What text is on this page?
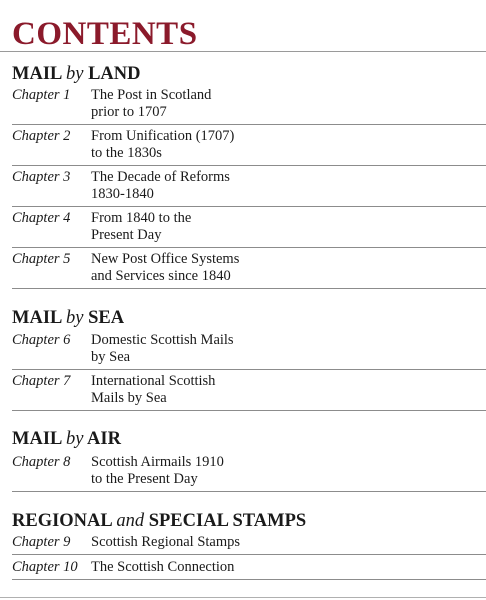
CONTENTS
MAIL by LAND
Chapter 1 The Post in Scotland
prior to 1707
Chapter 2 From Unification (1707)
to the 1830s
Chapter 3 The Decade of Reforms
1830-1840
Chapter 4 From 1840 to the
Present Day
Chapter 5 New Post Office Systems
and Services since 1840
MAIL by SEA
Chapter 6 Domestic Scottish Mails
by Sea
Chapter 7 International Scottish
Mails by Sea
MAIL by AIR
Chapter 8 Scottish Airmails 1910
to the Present Day
REGIONAL and SPECIAL STAMPS
Chapter 9 Scottish Regional Stamps
Chapter 10 The Scottish Connection
